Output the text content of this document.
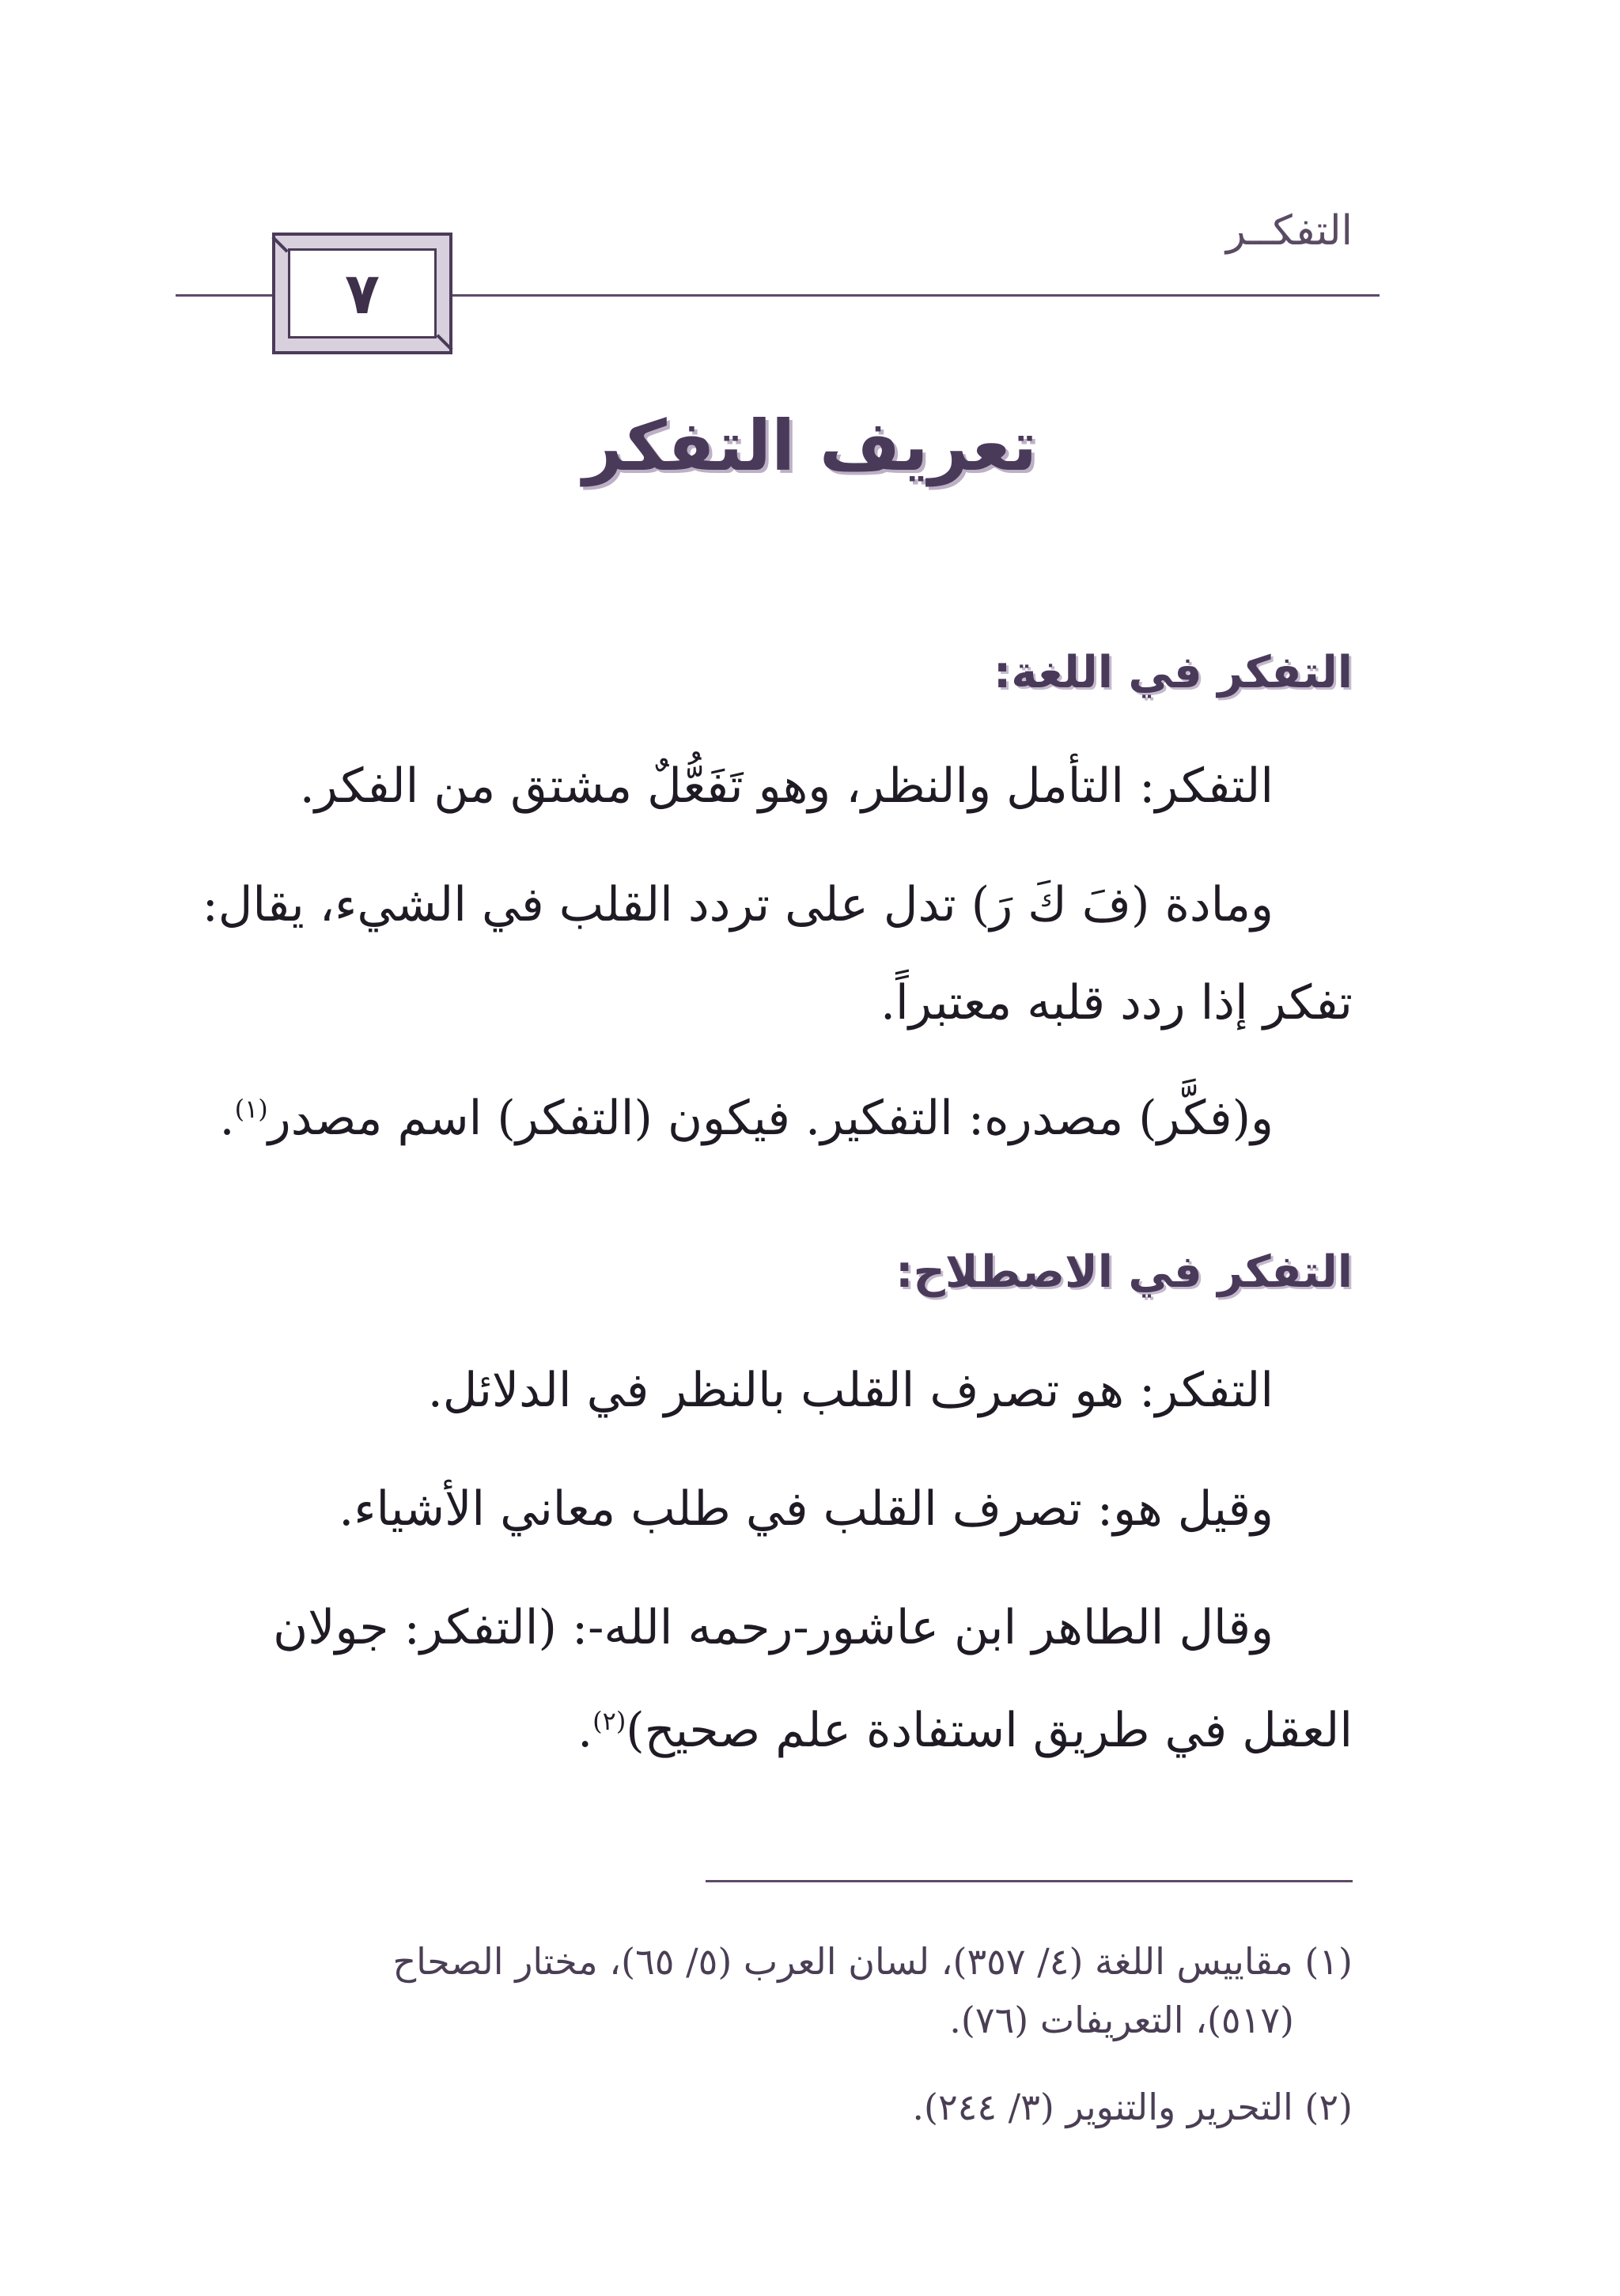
التفكــر
٧
تعريف التفكر
التفكر في اللغة:
التفكر: التأمل والنظر، وهو تَفَعُّلٌ مشتق من الفكر.
ومادة (فَ كَ رَ) تدل على تردد القلب في الشيء، يقال:
تفكر إذا ردد قلبه معتبراً.
و(فكَّر) مصدره: التفكير. فيكون (التفكر) اسم مصدر$^{(١)}$.
التفكر في الاصطلاح:
التفكر: هو تصرف القلب بالنظر في الدلائل.
وقيل هو: تصرف القلب في طلب معاني الأشياء.
وقال الطاهر ابن عاشور-رحمه الله-: (التفكر: جولان
العقل في طريق استفادة علم صحيح)$^{(٢)}$.
(١) مقاييس اللغة (٤/ ٣٥٧)، لسان العرب (٥/ ٦٥)، مختار الصحاح
(٥١٧)، التعريفات (٧٦).
(٢) التحرير والتنوير (٣/ ٢٤٤).
